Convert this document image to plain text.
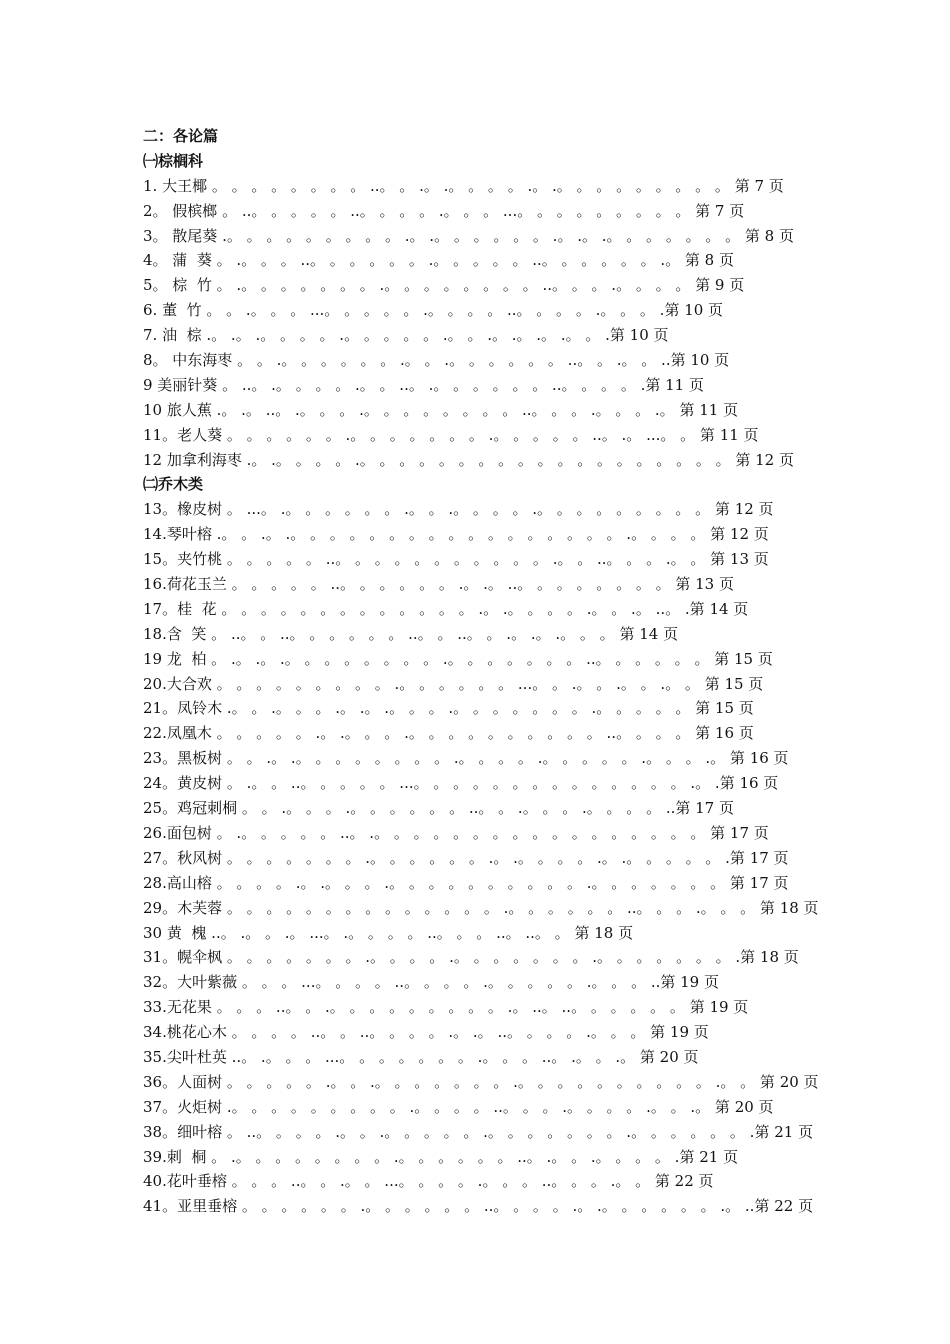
二：各论篇
㈠棕榈科
1. 大王椰 。 。 。 。 。 。 。 。 ..。 。 .。 .。 。 。 。 .。 .。 。 。 。 。 。 。 。 。 第 7 页
2。 假槟榔 。 ..。 。 。 。 。 ..。 。 。 。 .。 。 。 ...。 。 。 。 。 。 。 。 。 第 7 页
3。 散尾葵 .。 。 。 。 。 。 。 。 。 .。 .。 。 。 。 。 。 .。 .。 .。 。 。 。 。 。 。 第 8 页
4。 蒲  葵 。 .。 。 。 ..。 。 。 。 。 。 .。 。 。 。 。 ..。 。 。 。 。 。 .。 第 8 页
5。 棕  竹 。 .。 。 。 。 。 。 。 .。 。 。 。 。 。 。 。 ..。 。 。 .。 。 。 。 第 9 页
6. 董  竹 。 。 .。 。 。 ...。 。 。 。 。 .。 。 。 。 ..。 。 。 。 .。 。 。 .第 10 页
7. 油  棕 .。 .。 .。 。 。 。 .。 。 。 。 。 .。 。 .。 .。 .。 .。 。 .第 10 页
8。 中东海枣 。 。 .。 。 。 。 。 。 .。 。 .。 。 。 。 。 。 ..。 。 .。 。 ..第 10 页
9 美丽针葵 。 ..。 .。 。 。 。 .。 。 ..。 .。 。 。 。 。 。 ..。 。 。 。 .第 11 页
10 旅人蕉 .。 .。 ..。 .。 。 。 .。 。 。 。 。 。 。 。 ..。 。 。 .。 。 。 .。 第 11 页
11。老人葵 。 。 。 。 。 。 .。 。 。 。 。 。 。 .。 。 。 。 。 ..。 .。 ...。 。 第 11 页
12 加拿利海枣 .。 .。 。 。 。 .。 。 。 。 。 。 。 。 。 。 。 。 。 。 。 。 。 。 。 第 12 页
㈡乔木类
13。橡皮树 。 ...。 .。 。 。 。 。 。 .。 。 .。 。 。 。 .。 。 。 。 。 。 。 。 。 第 12 页
14.琴叶榕 .。 。 .。 .。 。 。 。 。 。 。 。 。 。 。 。 。 。 。 。 。 .。 。 。 。 第 12 页
15。夹竹桃 。 。 。 。 。 ..。 。 。 。 。 。 。 。 。 。 。 .。 。 ..。 。 。 .。 。 第 13 页
16.荷花玉兰 。 。 。 。 。 ..。 。 。 。 。 。 .。 .。 ..。 。 。 。 。 。 。 。 第 13 页
17。桂  花 。 。 。 。 。 。 。 。 。 。 。 。 。 .。 .。 。 。 。 .。 。 .。 ..。 .第 14 页
18.含  笑 。 ..。 。 ..。 。 。 。 。 。 ..。 。 ..。 。 .。 .。 .。 。 。 第 14 页
19 龙  柏 。 .。 .。 .。 。 。 。 。 。 。 。 .。 。 。 。 。 。 。 ..。 。 。 。 。 。 第 15 页
20.大合欢 。 。 。 。 。 。 。 。 。 .。 。 。 。 。 。 ...。 。 .。 。 .。 。 .。 。 第 15 页
21。凤铃木 .。 。 .。 。 。 .。 .。 .。 。 。 .。 。 。 。 。 。 。 .。 。 。 。 。 第 15 页
22.凤凰木 。 。 。 。 。 .。 .。 。 。 .。 。 。 。 。 。 。 。 。 。 ..。 。 。 。 第 16 页
23。黑板树 。 。 .。 .。 。 。 。 。 。 。 。 .。 。 。 。 .。 。 。 。 。 .。 。 。 .。 第 16 页
24。黄皮树 。 .。 。 ..。 。 。 。 。 ...。 。 。 。 。 。 。 。 。 。 。 。 。 。 .。 .第 16 页
25。鸡冠刺桐 。 。 .。 。 。 .。 。 。 。 。 。 ..。 。 .。 。 。 .。 。 。 。 ..第 17 页
26.面包树 。 .。 。 。 。 。 ..。 .。 。 。 。 。 。 。 。 。 。 。 。 。 。 。 。 。 第 17 页
27。秋风树 。 。 。 。 。 。 。 .。 。 。 。 。 。 .。 .。 。 。 。 .。 .。 。 。 。 。 .第 17 页
28.高山榕 。 。 。 。 .。 .。 。 。 .。 。 。 。 。 。 。 。 。 。 .。 。 。 。 。 。 。 第 17 页
29。木芙蓉 。 。 。 。 。 。 。 。 。 。 。 。 。 。 .。 。 。 。 。 。 ..。 。 。 .。 。 。 第 18 页
30 黄  槐 ..。 .。 。 .。 ...。 .。 。 。 。 ..。 。 。 ..。 ..。 。 第 18 页
31。幌伞枫 。 。 。 。 。 。 。 .。 。 。 。 .。 。 。 。 。 。 。 .。 。 。 。 。 。 。 .第 18 页
32。大叶紫薇 。 。 。 ...。 。 。 。 ..。 。 。 。 .。 。 。 。 。 .。 。 。 ..第 19 页
33.无花果 。 。 。 ..。 。 .。 。 。 。 。 。 。 。 。 .。 ..。 ..。 。 。 。 。 。 第 19 页
34.桃花心木 。 。 。 。 ..。 。 ..。 。 。 。 .。 .。 ..。 。 。 。 .。 。 。 第 19 页
35.尖叶杜英 ..。 .。 。 。 ...。 。 。 。 。 。 。 .。 。 。 ..。 .。 。 .。 第 20 页
36。人面树 。 。 。 。 。 .。 。 .。 。 。 。 。 。 。 .。 。 。 。 。 。 。 。 。 。 .。 。 第 20 页
37。火炬树 .。 。 。 。 。 。 。 。 。 .。 。 。 。 ..。 。 。 .。 。 。 。 .。 。 .。 第 20 页
38。细叶榕 。 ..。 。 。 。 .。 。 .。 。 。 。 。 .。 。 。 。 。 。 。 .。 。 。 。 。 。 .第 21 页
39.刺  桐 。 .。 。 。 。 。 。 。 。 .。 。 。 。 。 。 ..。 .。 。 .。 。 。 。 .第 21 页
40.花叶垂榕 。 。 。 ..。 。 .。 。 ...。 。 。 。 .。 。 。 ..。 。 。 .。 。 第 22 页
41。亚里垂榕 。 。 。 。 。 。 .。 。 。 。 。 。 ..。 。 。 。 .。 .。 。 。 。 。 。 .。 ..第 22 页
